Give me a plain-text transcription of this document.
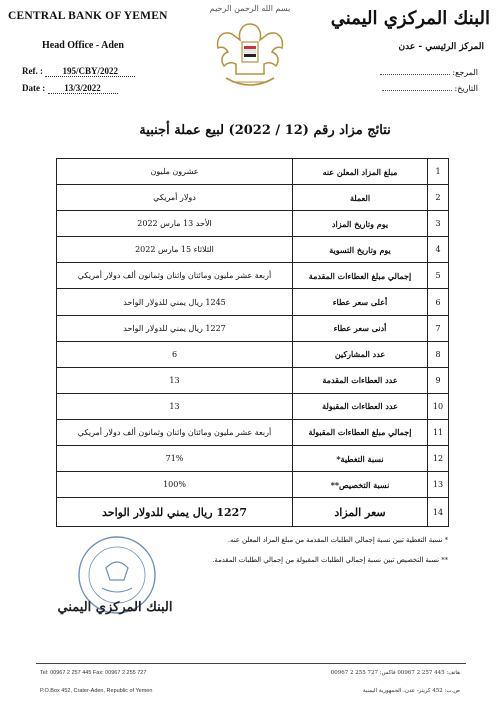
CENTRAL BANK OF YEMEN
Head Office - Aden
Ref. : 195/CBY/2022
Date : 13/3/2022
بسم الله الرحمن الرحيم	البنك المركزي اليمني
المركز الرئيسي - عدن
المرجع:
التاريخ:
نتائج مزاد رقم (12 / 2022) لبيع عملة أجنبية
1	مبلغ المزاد المعلن عنه	عشرون مليون
2	العملة	دولار أمريكي
3	يوم وتاريخ المزاد	الأحد 13 مارس 2022
4	يوم وتاريخ التسوية	الثلاثاء 15 مارس 2022
5	إجمالي مبلغ العطاءات المقدمة	أربعة عشر مليون ومائتان واثنان وثمانون ألف دولار أمريكي
6	أعلى سعر عطاء	1245 ريال يمني للدولار الواحد
7	أدنى سعر عطاء	1227 ريال يمني للدولار الواحد
8	عدد المشاركين	6
9	عدد العطاءات المقدمة	13
10	عدد العطاءات المقبولة	13
11	إجمالي مبلغ العطاءات المقبولة	أربعة عشر مليون ومائتان واثنان وثمانون ألف دولار أمريكي
12	نسبة التغطية*	71%
13	نسبة التخصيص**	100%
14	سعر المزاد	1227 ريال يمني للدولار الواحد
* نسبة التغطية تبين نسبة إجمالي الطلبات المقدمة من مبلغ المزاد المعلن عنه.
** نسبة التخصيص تبين نسبة إجمالي الطلبات المقبولة من إجمالي الطلبات المقدمة.
البنك المركزي اليمني
Tel: 00967 2 257 445 Fax: 00967 2 255 727
P.O.Box 452, Crater-Aden, Republic of Yemen
هاتف: 445 257 2 00967 فاكس: 727 255 2 00967
ص.ب: 452 كريتر- عدن، الجمهورية اليمنية
